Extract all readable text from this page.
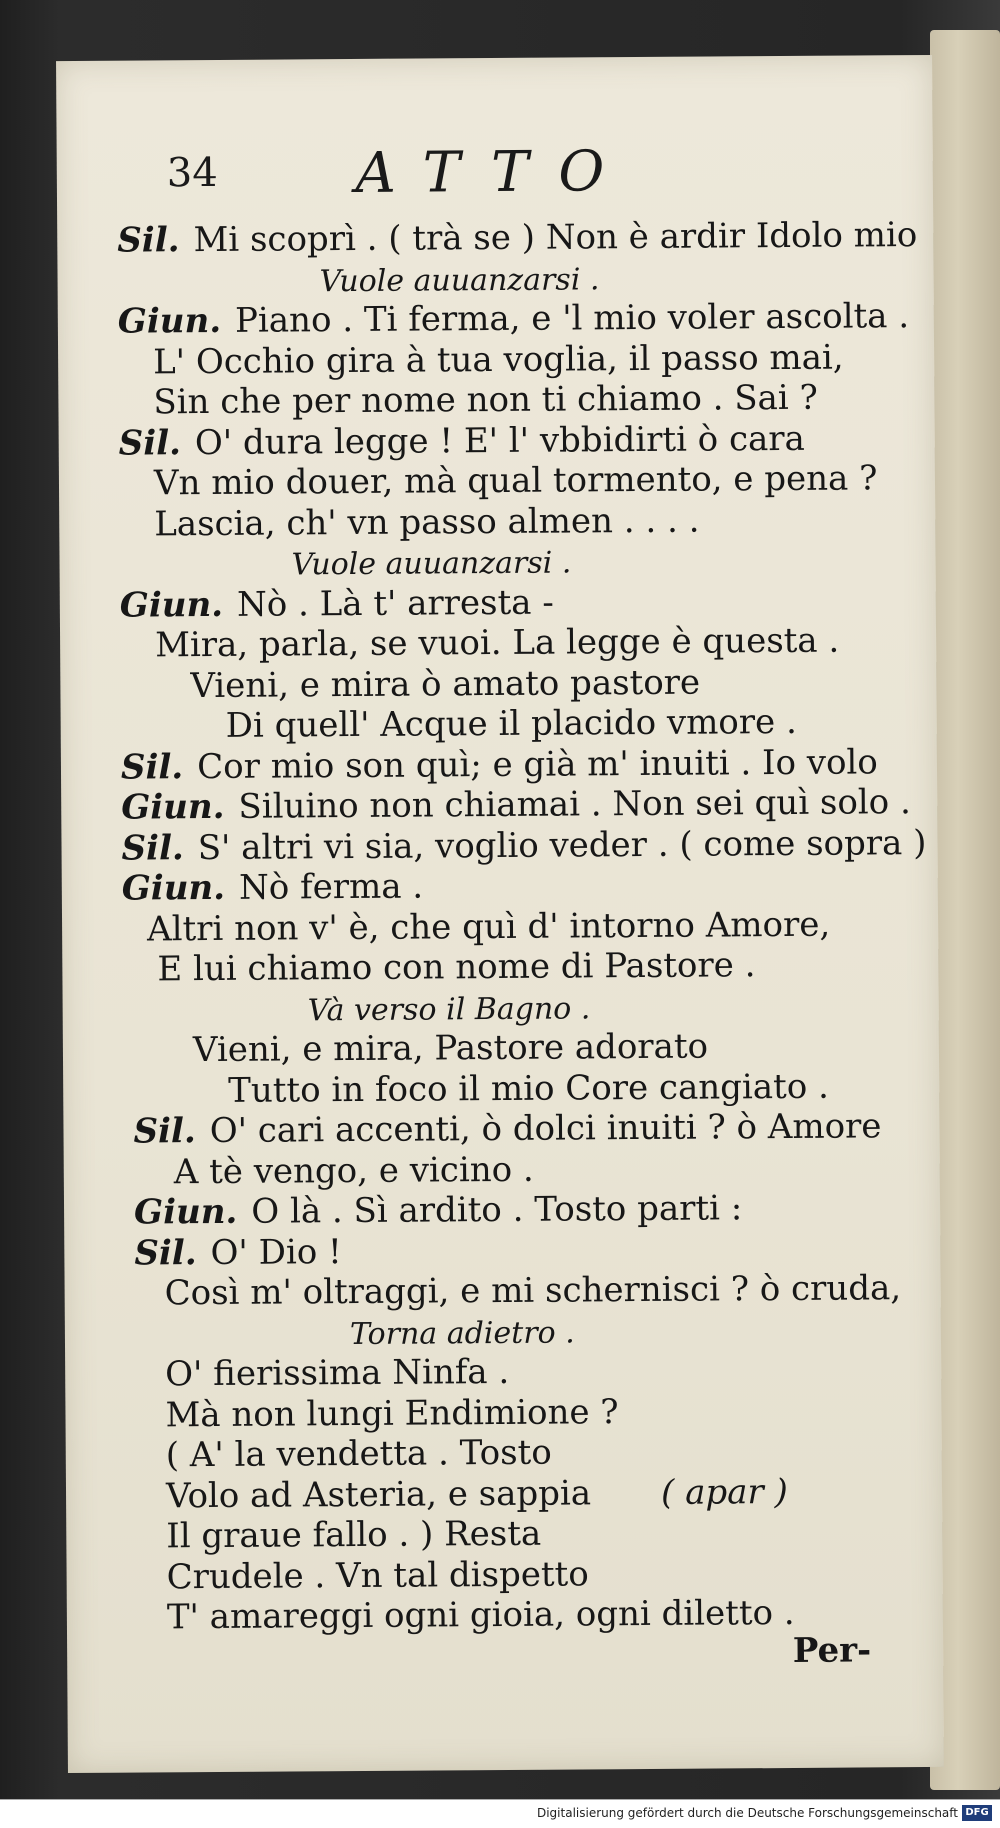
34	ATTO
Sil. Mi scoprì . ( trà se ) Non è ardir Idolo mio
Vuole auuanzarsi .
Giun. Piano . Ti ferma, e 'l mio voler ascolta .
L' Occhio gira à tua voglia, il passo mai,
Sin che per nome non ti chiamo . Sai ?
Sil. O' dura legge ! E' l' vbbidirti ò cara
Vn mio douer, mà qual tormento, e pena ?
Lascia, ch' vn passo almen . . . .
Vuole auuanzarsi .
Giun. Nò . Là t' arresta -
Mira, parla, se vuoi. La legge è questa .
Vieni, e mira ò amato pastore
Di quell' Acque il placido vmore .
Sil. Cor mio son quì; e già m' inuiti . Io volo
Giun. Siluino non chiamai . Non sei quì solo .
Sil. S' altri vi sia, voglio veder . ( come sopra )
Giun. Nò ferma .
Altri non v' è, che quì d' intorno Amore,
E lui chiamo con nome di Pastore .
Và verso il Bagno .
Vieni, e mira, Pastore adorato
Tutto in foco il mio Core cangiato .
Sil. O' cari accenti, ò dolci inuiti ? ò Amore
A tè vengo, e vicino .
Giun. O là . Sì ardito . Tosto parti :
Sil. O' Dio !
Così m' oltraggi, e mi schernisci ? ò cruda,
Torna adietro .
O' fierissima Ninfa .
Mà non lungi Endimione ?
( A' la vendetta . Tosto
Volo ad Asteria, e sappia ( apar )
Il graue fallo . ) Resta
Crudele . Vn tal dispetto
T' amareggi ogni gioia, ogni diletto .
Per-
Digitalisierung gefördert durch die Deutsche Forschungsgemeinschaft DFG
